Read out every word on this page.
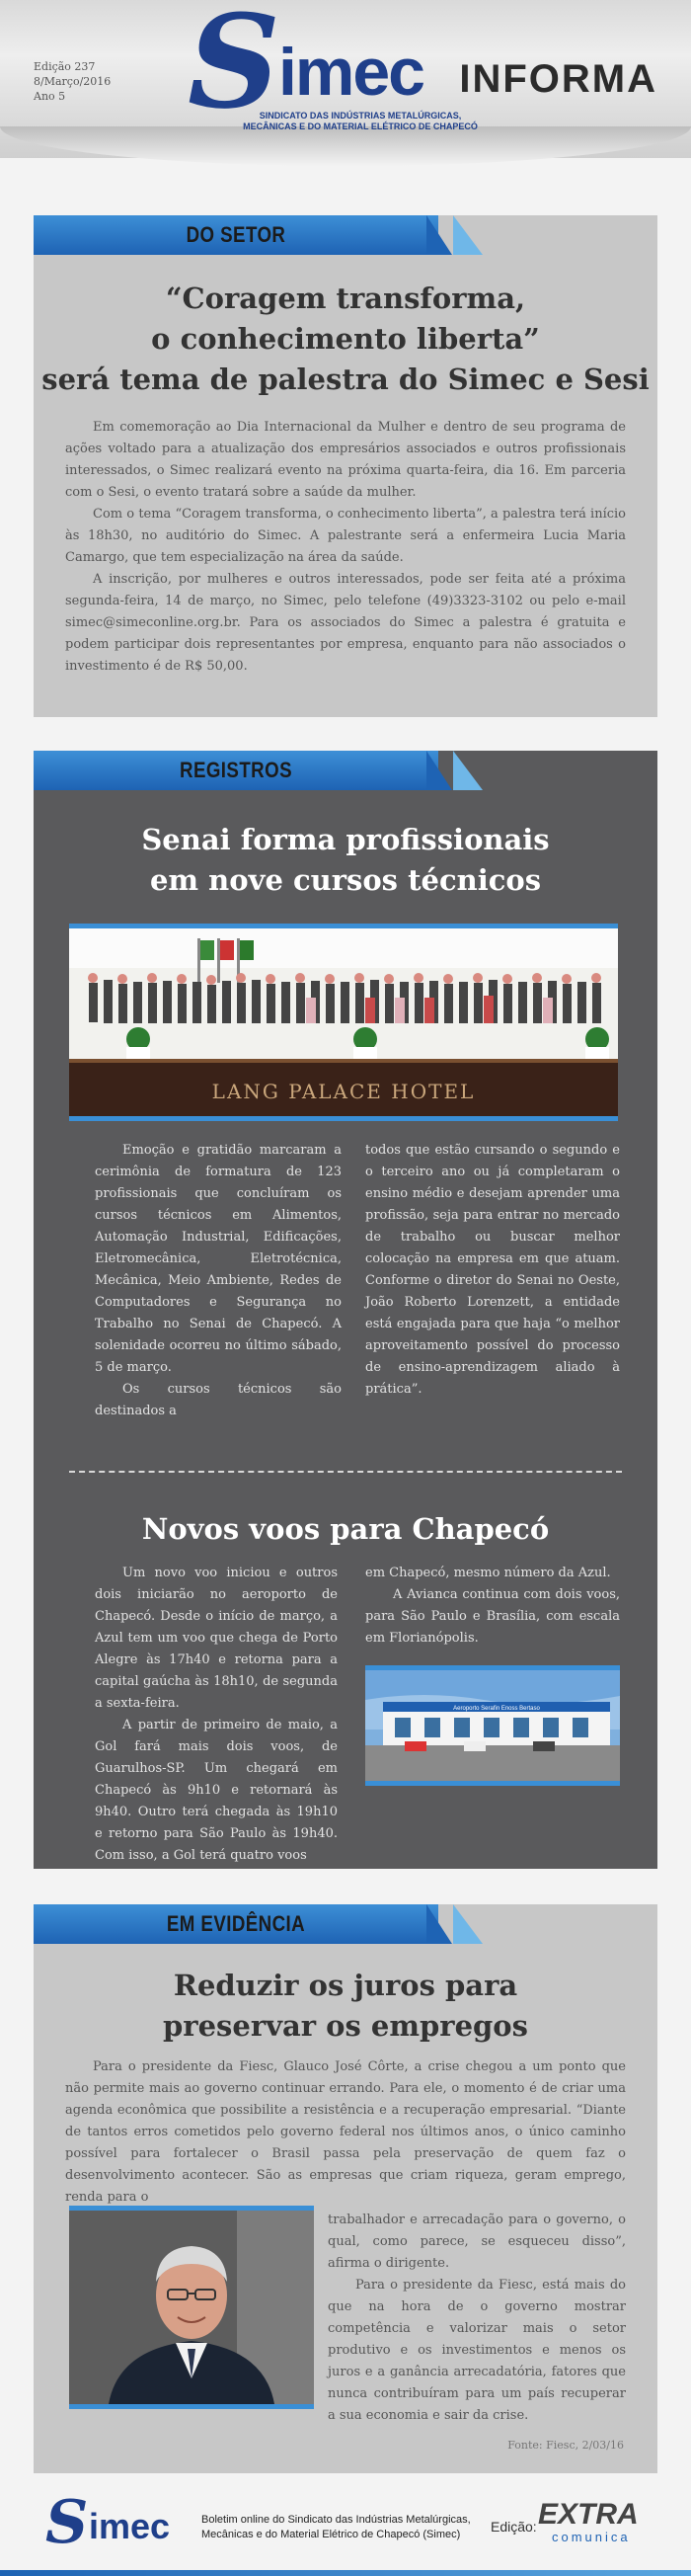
Edição 237
8/Março/2016
Ano 5 S
imec
SINDICATO DAS INDÚSTRIAS METALÚRGICAS, MECÂNICAS E DO MATERIAL ELÉTRICO DE CHAPECÓ
INFORMA
DO SETOR
“Coragem transforma,
o conhecimento liberta”
será tema de palestra do Simec e Sesi

Em comemoração ao Dia Internacional da Mulher e dentro de seu programa de ações voltado para a atualização dos empresários associados e outros profissionais interessados, o Simec realizará evento na próxima quarta-feira, dia 16. Em parceria com o Sesi, o evento tratará sobre a saúde da mulher.

Com o tema “Coragem transforma, o conhecimento liberta”, a palestra terá início às 18h30, no auditório do Simec. A palestrante será a enfermeira Lucia Maria Camargo, que tem especialização na área da saúde.

A inscrição, por mulheres e outros interessados, pode ser feita até a próxima segunda-feira, 14 de março, no Simec, pelo telefone (49)3323-3102 ou pelo e-mail simec@simeconline.org.br. Para os associados do Simec a palestra é gratuita e podem participar dois representantes por empresa, enquanto para não associados o investimento é de R$ 50,00.

REGISTROS
Senai forma profissionais
em nove cursos técnicos
LANG PALACE HOTEL

Emoção e gratidão marcaram a cerimônia de formatura de 123 profissionais que concluíram os cursos técnicos em Alimentos, Automação Industrial, Edificações, Eletromecânica, Eletrotécnica, Mecânica, Meio Ambiente, Redes de Computadores e Segurança no Trabalho no Senai de Chapecó. A solenidade ocorreu no último sábado, 5 de março.

Os cursos técnicos são destinados a

todos que estão cursando o segundo e o terceiro ano ou já completaram o ensino médio e desejam aprender uma profissão, seja para entrar no mercado de trabalho ou buscar melhor colocação na empresa em que atuam. Conforme o diretor do Senai no Oeste, João Roberto Lorenzett, a entidade está engajada para que haja “o melhor aproveitamento possível do processo de ensino-aprendizagem aliado à prática”.
Novos voos para Chapecó

Um novo voo iniciou e outros dois iniciarão no aeroporto de Chapecó. Desde o início de março, a Azul tem um voo que chega de Porto Alegre às 17h40 e retorna para a capital gaúcha às 18h10, de segunda a sexta-feira.

A partir de primeiro de maio, a Gol fará mais dois voos, de Guarulhos-SP. Um chegará em Chapecó às 9h10 e retornará às 9h40. Outro terá chegada às 19h10 e retorno para São Paulo às 19h40. Com isso, a Gol terá quatro voos

em Chapecó, mesmo número da Azul.

A Avianca continua com dois voos, para São Paulo e Brasília, com escala em Florianópolis.

Aeroporto Serafin Enoss Bertaso
EM EVIDÊNCIA
Reduzir os juros para
preservar os empregos

Para o presidente da Fiesc, Glauco José Côrte, a crise chegou a um ponto que não permite mais ao governo continuar errando. Para ele, o momento é de criar uma agenda econômica que possibilite a resistência e a recuperação empresarial. “Diante de tantos erros cometidos pelo governo federal nos últimos anos, o único caminho possível para fortalecer o Brasil passa pela preservação de quem faz o desenvolvimento acontecer. São as empresas que criam riqueza, geram emprego, renda para o

trabalhador e arrecadação para o governo, o qual, como parece, se esqueceu disso”, afirma o dirigente.

Para o presidente da Fiesc, está mais do que na hora de o governo mostrar competência e valorizar mais o setor produtivo e os investimentos e menos os juros e a ganância arrecadatória, fatores que nunca contribuíram para um país recuperar a sua economia e sair da crise.

Fonte: Fiesc, 2/03/16
S imec	Boletim online do Sindicato das Indústrias Metalúrgicas,
Mecânicas e do Material Elétrico de Chapecó (Simec)	Edição: EXTRA
comunica
